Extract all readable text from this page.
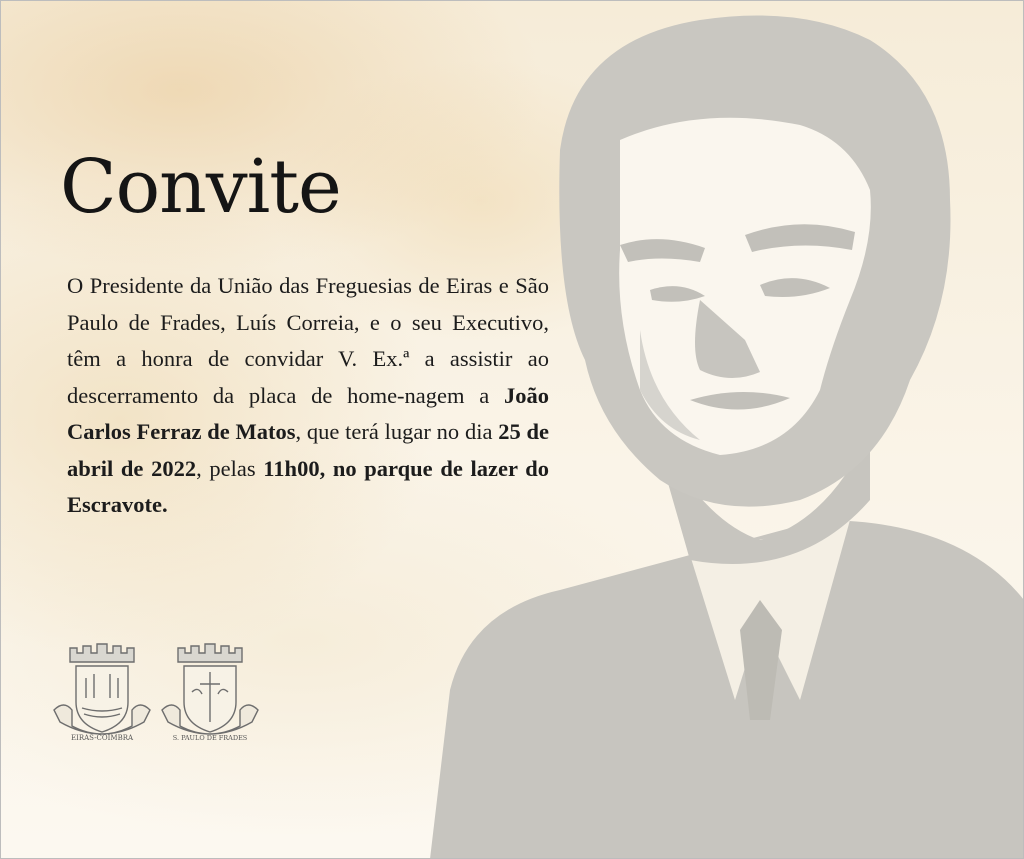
Convite
O Presidente da União das Freguesias de Eiras e São Paulo de Frades, Luís Correia, e o seu Executivo, têm a honra de convidar V. Ex.ª a assistir ao descerramento da placa de home-nagem a João Carlos Ferraz de Matos, que terá lugar no dia 25 de abril de 2022, pelas 11h00, no parque de lazer do Escravote.
EIRAS-COIMBRA	S. PAULO DE FRADES
